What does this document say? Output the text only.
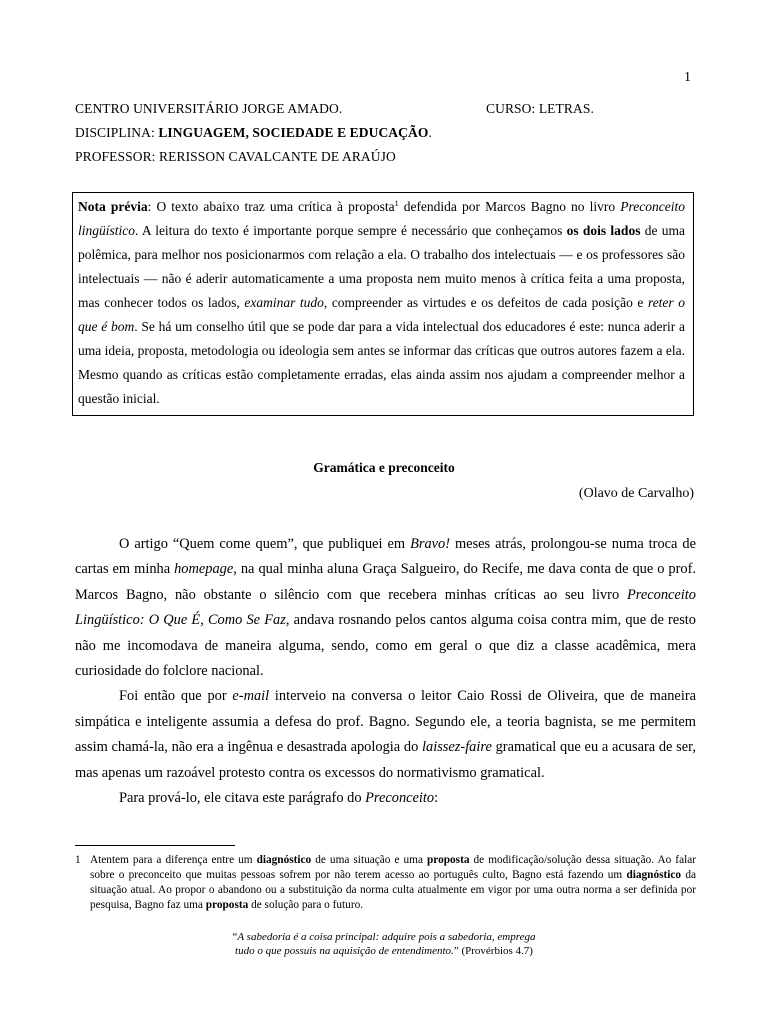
1
CENTRO UNIVERSITÁRIO JORGE AMADO.	CURSO: LETRAS.
DISCIPLINA: LINGUAGEM, SOCIEDADE E EDUCAÇÃO.
PROFESSOR: RERISSON CAVALCANTE DE ARAÚJO
Nota prévia: O texto abaixo traz uma crítica à proposta$^1$ defendida por Marcos Bagno no livro Preconceito lingüístico. A leitura do texto é importante porque sempre é necessário que conheçamos os dois lados de uma polêmica, para melhor nos posicionarmos com relação a ela. O trabalho dos intelectuais — e os professores são intelectuais — não é aderir automaticamente a uma proposta nem muito menos à crítica feita a uma proposta, mas conhecer todos os lados, examinar tudo, compreender as virtudes e os defeitos de cada posição e reter o que é bom. Se há um conselho útil que se pode dar para a vida intelectual dos educadores é este: nunca aderir a uma ideia, proposta, metodologia ou ideologia sem antes se informar das críticas que outros autores fazem a ela. Mesmo quando as críticas estão completamente erradas, elas ainda assim nos ajudam a compreender melhor a questão inicial.
Gramática e preconceito
(Olavo de Carvalho)

O artigo “Quem come quem”, que publiquei em Bravo! meses atrás, prolongou-se numa troca de cartas em minha homepage, na qual minha aluna Graça Salgueiro, do Recife, me dava conta de que o prof. Marcos Bagno, não obstante o silêncio com que recebera minhas críticas ao seu livro Preconceito Lingüístico: O Que É, Como Se Faz, andava rosnando pelos cantos alguma coisa contra mim, que de resto não me incomodava de maneira alguma, sendo, como em geral o que diz a classe acadêmica, mera curiosidade do folclore nacional.

Foi então que por e-mail interveio na conversa o leitor Caio Rossi de Oliveira, que de maneira simpática e inteligente assumia a defesa do prof. Bagno. Segundo ele, a teoria bagnista, se me permitem assim chamá-la, não era a ingênua e desastrada apologia do laissez-faire gramatical que eu a acusara de ser, mas apenas um razoável protesto contra os excessos do normativismo gramatical.

Para prová-lo, ele citava este parágrafo do Preconceito:

1 Atentem para a diferença entre um diagnóstico de uma situação e uma proposta de modificação/solução dessa situação. Ao falar sobre o preconceito que muitas pessoas sofrem por não terem acesso ao português culto, Bagno está fazendo um diagnóstico da situação atual. Ao propor o abandono ou a substituição da norma culta atualmente em vigor por uma outra norma a ser definida por pesquisa, Bagno faz uma proposta de solução para o futuro.
“A sabedoria é a coisa principal: adquire pois a sabedoria, emprega
tudo o que possuis na aquisição de entendimento.” (Provérbios 4.7)
